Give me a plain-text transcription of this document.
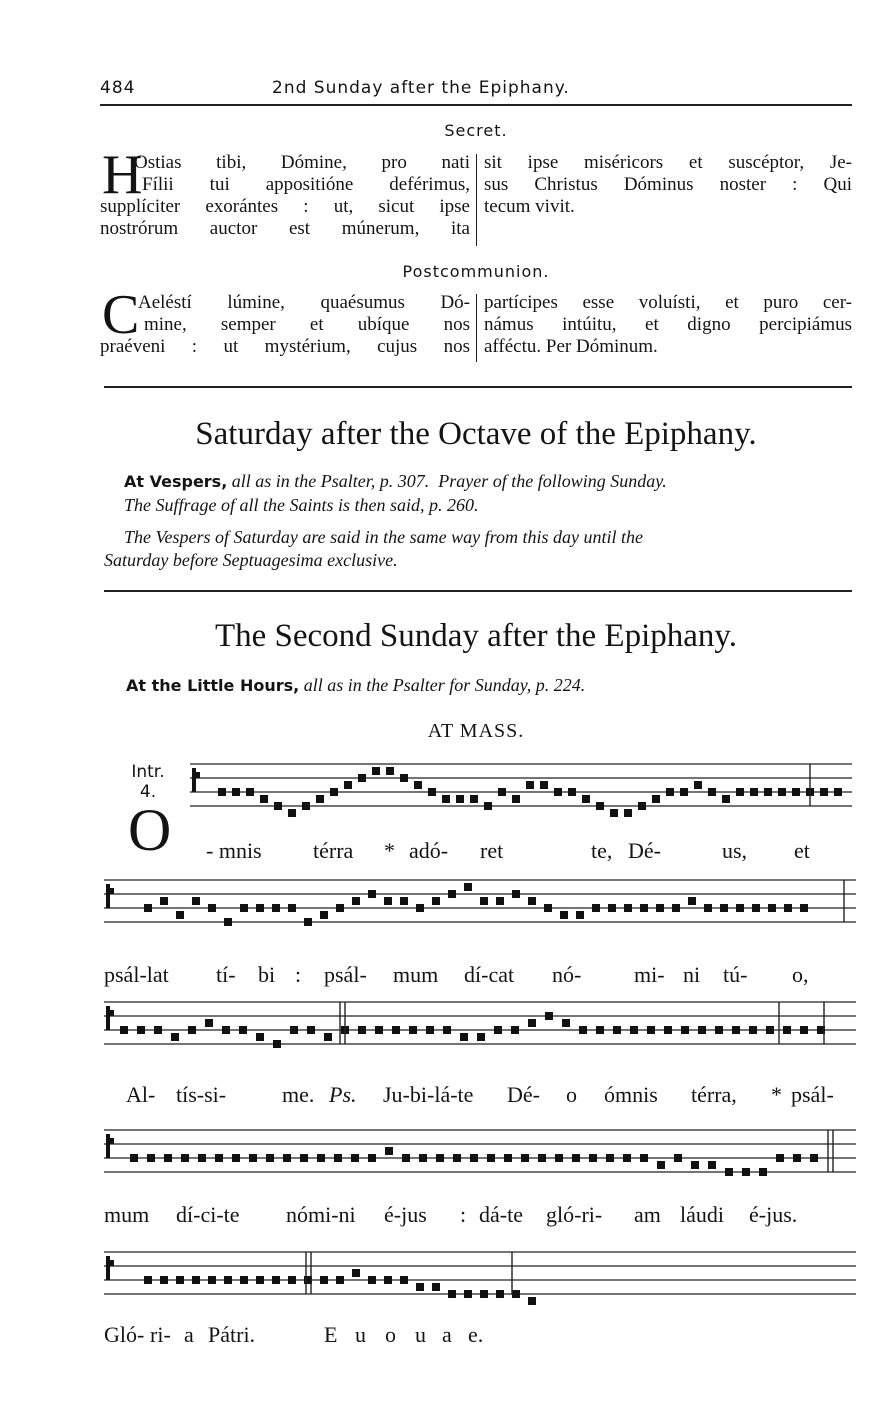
484	2nd Sunday after the Epiphany.
Secret.
H
Ostias tibi, Dómine, pro nati
Fílii tui appositióne deférimus,
supplíciter exorántes : ut, sicut ipse
nostrórum auctor est múnerum, ita
sit ipse miséricors et suscéptor, Je-
sus Christus Dóminus noster : Qui
tecum vivit.
Postcommunion.
C
Aeléstí lúmine, quaésumus Dó-
mine, semper et ubíque nos
praéveni : ut mystérium, cujus nos
partícipes esse voluísti, et puro cer-
námus intúitu, et digno percipiámus
afféctu. Per Dóminum.
Saturday after the Octave of the Epiphany.
At Vespers, all as in the Psalter, p. 307. Prayer of the following Sunday.
The Suffrage of all the Saints is then said, p. 260.
The Vespers of Saturday are said in the same way from this day until the
Saturday before Septuagesima exclusive.
The Second Sunday after the Epiphany.
At the Little Hours, all as in the Psalter for Sunday, p. 224.
AT MASS.
Intr.
4.
O - mnis térra * adó- ret	te, Dé-	us, et
psál-lat tí- bi : psál- mum dí-cat nó- mi- ni tú- o,
Al- tís-si-	me. Ps. Ju-bi-lá-te Dé- o ómnis térra, * psál-
mum dí-ci-te nómi-ni é-jus : dá-te gló-ri- am láudi é-jus.
Gló- ri- a Pátri.	E u o u a e.
